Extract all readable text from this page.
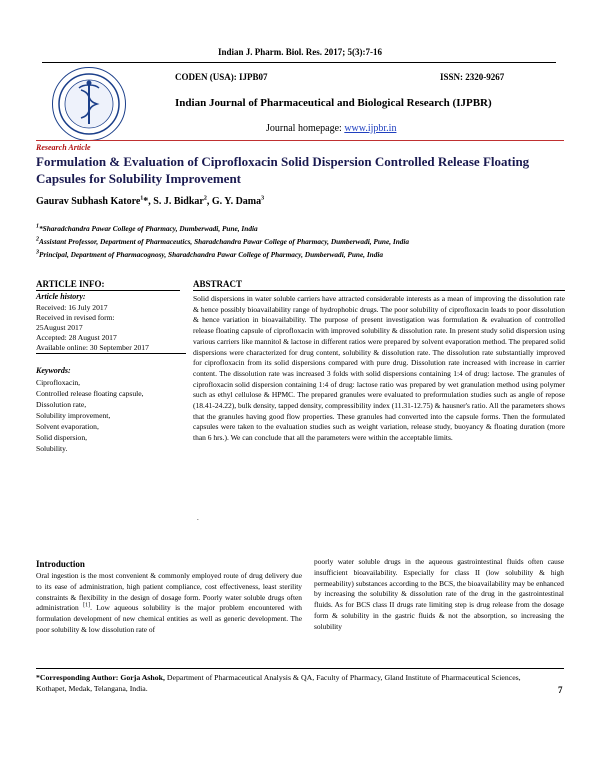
Indian J. Pharm. Biol. Res. 2017; 5(3):7-16
CODEN (USA): IJPB07	ISSN: 2320-9267
Indian Journal of Pharmaceutical and Biological Research (IJPBR)
Journal homepage: www.ijpbr.in
Research Article
Formulation & Evaluation of Ciprofloxacin Solid Dispersion Controlled Release Floating Capsules for Solubility Improvement
Gaurav Subhash Katore$^1$*, S. J. Bidkar$^2$, G. Y. Dama$^3$
$^1$*Sharadchandra Pawar College of Pharmacy, Dumberwadi, Pune, India
$^2$Assistant Professor, Department of Pharmaceutics, Sharadchandra Pawar College of Pharmacy, Dumberwadi, Pune, India
$^3$Principal, Department of Pharmacognosy, Sharadchandra Pawar College of Pharmacy, Dumberwadi, Pune, India
ARTICLE INFO:	ABSTRACT
Article history:
Received: 16 July 2017
Received in revised form:
25August 2017
Accepted: 28 August 2017
Available online: 30 September 2017
Keywords:
Ciprofloxacin,
Controlled release floating capsule,
Dissolution rate,
Solubility improvement,
Solvent evaporation,
Solid dispersion,
Solubility.
Solid dispersions in water soluble carriers have attracted considerable interests as a mean of improving the dissolution rate & hence possibly bioavailability range of hydrophobic drugs. The poor solubility of ciprofloxacin leads to poor dissolution & hence variation in bioavailability. The purpose of present investigation was formulation & evaluation of controlled release floating capsule of ciprofloxacin with improved solubility & dissolution rate. In present study solid dispersion using various carriers like mannitol & lactose in different ratios were prepared by solvent evaporation method. The prepared solid dispersions were characterized for drug content, solubility & dissolution rate. The dissolution rate substantially improved for ciprofloxacin from its solid dispersions compared with pure drug. Dissolution rate increased with increase in carrier content. The dissolution rate was increased 3 folds with solid dispersions containing 1:4 of drug: lactose. The granules of ciprofloxacin solid dispersion containing 1:4 of drug: lactose ratio was prepared by wet granulation method using polymer such as ethyl cellulose & HPMC. The prepared granules were evaluated to preformulation studies such as angle of repose (18.41-24.22), bulk density, tapped density, compressibility index (11.31-12.75) & hausner's ratio. All the parameters shows that the granules having good flow properties. These granules had converted into the capsule forms. Then the formulated capsules were taken to the evaluation studies such as weight variation, release study, buoyancy & floating duration (more than 6 hrs.). We can conclude that all the parameters were within the acceptable limits.
.
Introduction
Oral ingestion is the most convenient & commonly employed route of drug delivery due to its ease of administration, high patient compliance, cost effectiveness, least sterility constraints & flexibility in the design of dosage form. Poorly water soluble drugs often administration [1]. Low aqueous solubility is the major problem encountered with formulation development of new chemical entities as well as generic development. The poor solubility & low dissolution rate of
poorly water soluble drugs in the aqueous gastrointestinal fluids often cause insufficient bioavailability. Especially for class II (low solubility & high permeability) substances according to the BCS, the bioavailability may be enhanced by increasing the solubility & dissolution rate of the drug in the gastrointestinal fluids. As for BCS class II drugs rate limiting step is drug release from the dosage form & solubility in the gastric fluids & not the absorption, so increasing the solubility
*Corresponding Author: Gorja Ashok, Department of Pharmaceutical Analysis & QA, Faculty of Pharmacy, Gland Institute of Pharmaceutical Sciences, Kothapet, Medak, Telangana, India.	7
